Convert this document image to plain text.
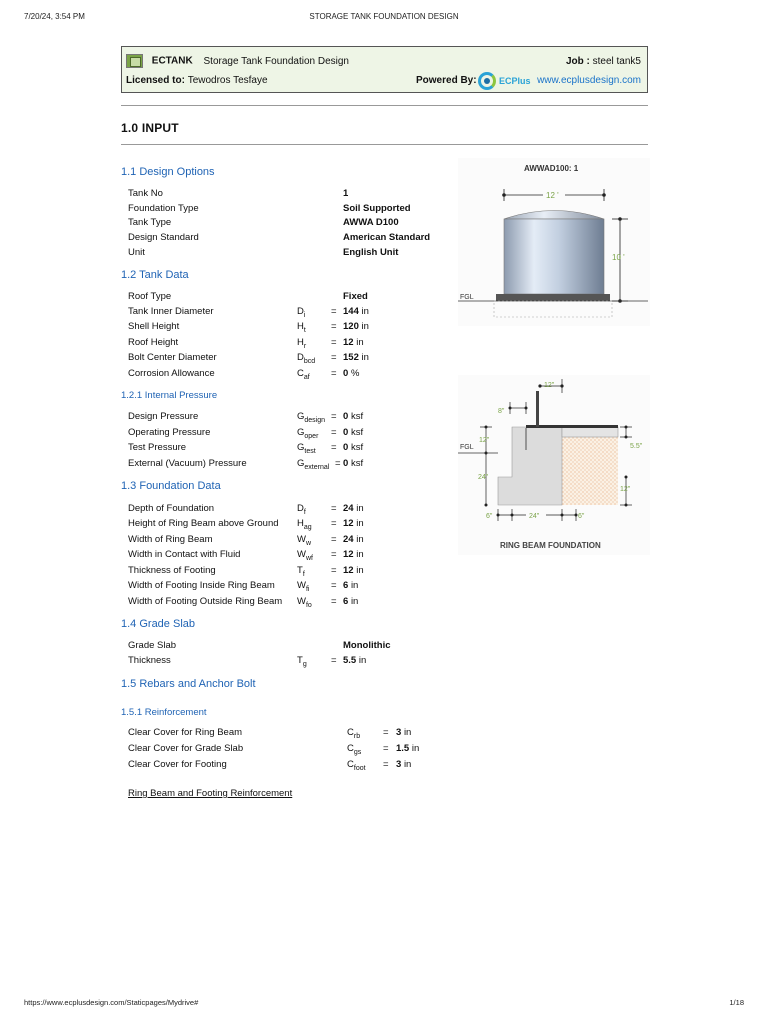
7/20/24, 3:54 PM	STORAGE TANK FOUNDATION DESIGN
ECTANK Storage Tank Foundation Design	Job : steel tank5
Licensed to: Tewodros Tesfaye	Powered By: ECPlus www.ecplusdesign.com
1.0 INPUT
1.1 Design Options
Tank No	1
Foundation Type	Soil Supported
Tank Type	AWWA D100
Design Standard	American Standard
Unit	English Unit
1.2 Tank Data
Roof Type	Fixed
Tank Inner Diameter	$D_i$	= 144 in
Shell Height	$H_t$	= 120 in
Roof Height	$H_r$	= 12 in
Bolt Center Diameter	$D_{bcd} = 152$ in
Corrosion Allowance	$C_{af} = 0$ %
1.2.1 Internal Pressure
Design Pressure	$G_{design} = 0$ ksf
Operating Pressure	$G_{oper} = 0$ ksf
Test Pressure	$G_{test} = 0$ ksf
External (Vacuum) Pressure	$G_{external} = 0$ ksf
1.3 Foundation Data
Depth of Foundation	$D_f$	= 24 in
Height of Ring Beam above Ground $H_{ag} = 12$ in
Width of Ring Beam	$W_w = 24$ in
Width in Contact with Fluid	$W_{wf} = 12$ in
Thickness of Footing	$T_f$	= 12 in
Width of Footing Inside Ring Beam $W_{fi} = 6$ in
Width of Footing Outside Ring Beam $W_{fo} = 6$ in
1.4 Grade Slab
Grade Slab	Monolithic
Thickness	$T_g$	= 5.5 in
1.5 Rebars and Anchor Bolt
1.5.1 Reinforcement
Clear Cover for Ring Beam	$C_{rb} = 3$ in
Clear Cover for Grade Slab	$C_{gs} = 1.5$ in
Clear Cover for Footing	$C_{foot} = 3$ in
Ring Beam and Footing Reinforcement
AWWAD100: 1
12 '
10 '
FGL
12"
8"
12"
FGL
24"
5.5"
12"
6"	24"	6"
RING BEAM FOUNDATION
https://www.ecplusdesign.com/Staticpages/Mydrive#	1/18
